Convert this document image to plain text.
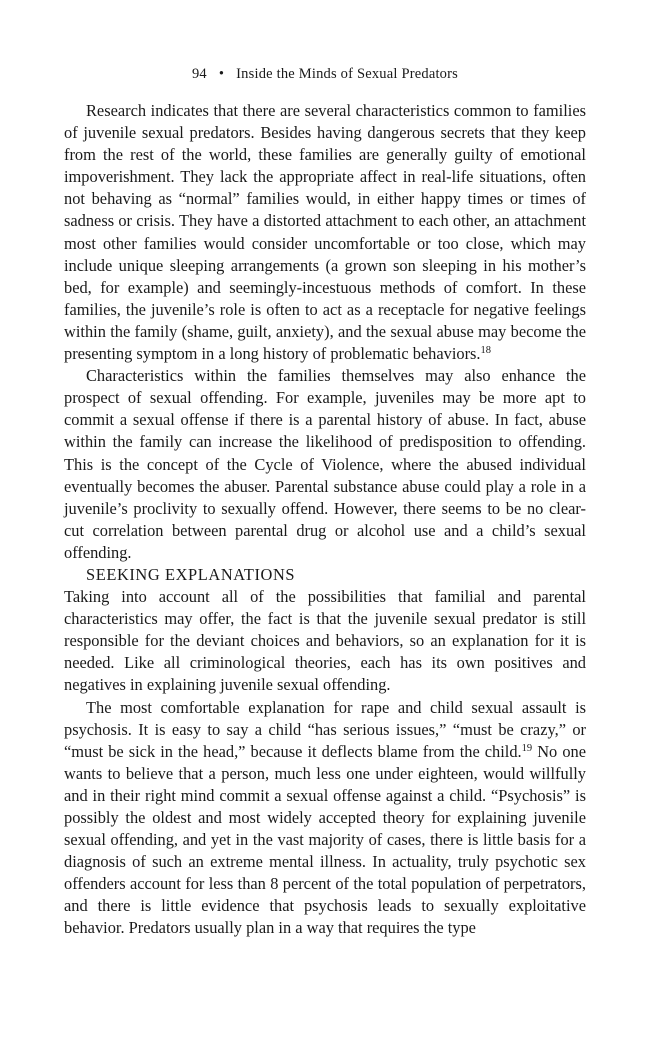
94 • Inside the Minds of Sexual Predators

Research indicates that there are several characteristics common to families of juvenile sexual predators. Besides having dangerous secrets that they keep from the rest of the world, these families are generally guilty of emotional impoverishment. They lack the appropriate affect in real-life situations, often not behaving as “normal” families would, in either happy times or times of sadness or crisis. They have a distorted attachment to each other, an attachment most other families would consider uncomfortable or too close, which may include unique sleeping arrangements (a grown son sleeping in his mother’s bed, for example) and seemingly-incestuous methods of comfort. In these families, the juvenile’s role is often to act as a receptacle for negative feelings within the family (shame, guilt, anxiety), and the sexual abuse may become the presenting symptom in a long history of problematic behaviors.$^{18}$

Characteristics within the families themselves may also enhance the prospect of sexual offending. For example, juveniles may be more apt to commit a sexual offense if there is a parental history of abuse. In fact, abuse within the family can increase the likelihood of predisposition to offending. This is the concept of the Cycle of Violence, where the abused individual eventually becomes the abuser. Parental substance abuse could play a role in a juvenile’s proclivity to sexually offend. However, there seems to be no clear-cut correlation between parental drug or alcohol use and a child’s sexual offending.

SEEKING EXPLANATIONS

Taking into account all of the possibilities that familial and parental characteristics may offer, the fact is that the juvenile sexual predator is still responsible for the deviant choices and behaviors, so an explanation for it is needed. Like all criminological theories, each has its own positives and negatives in explaining juvenile sexual offending.

The most comfortable explanation for rape and child sexual assault is psychosis. It is easy to say a child “has serious issues,” “must be crazy,” or “must be sick in the head,” because it deflects blame from the child.$^{19}$ No one wants to believe that a person, much less one under eighteen, would willfully and in their right mind commit a sexual offense against a child. “Psychosis” is possibly the oldest and most widely accepted theory for explaining juvenile sexual offending, and yet in the vast majority of cases, there is little basis for a diagnosis of such an extreme mental illness. In actuality, truly psychotic sex offenders account for less than 8 percent of the total population of perpetrators, and there is little evidence that psychosis leads to sexually exploitative behavior. Predators usually plan in a way that requires the type
